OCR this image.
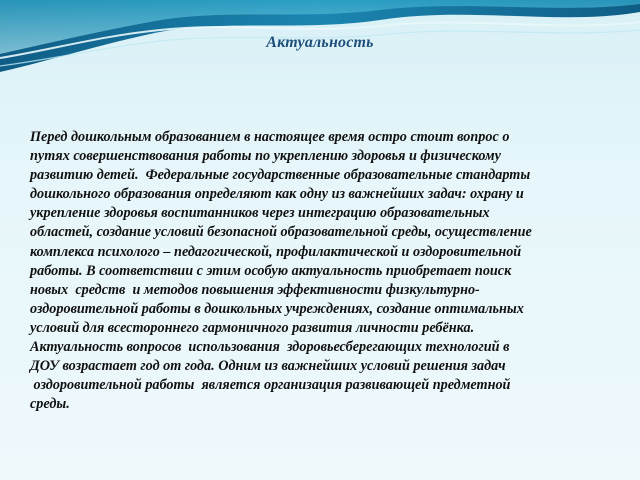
Актуальность

Перед дошкольным образованием в настоящее время остро стоит вопрос о

путях совершенствования работы по укреплению здоровья и физическому

развитию детей.  Федеральные государственные образовательные стандарты

дошкольного образования определяют как одну из важнейших задач: охрану и

укрепление здоровья воспитанников через интеграцию образовательных

областей, создание условий безопасной образовательной среды, осуществление

комплекса психолого – педагогической, профилактической и оздоровительной

работы. В соответствии с этим особую актуальность приобретает поиск

новых  средств  и методов повышения эффективности физкультурно-

оздоровительной работы в дошкольных учреждениях, создание оптимальных

условий для всестороннего гармоничного развития личности ребёнка.

Актуальность вопросов  использования  здоровьесберегающих технологий в

ДОУ возрастает год от года. Одним из важнейших условий решения задач

оздоровительной работы  является организация развивающей предметной

среды.
